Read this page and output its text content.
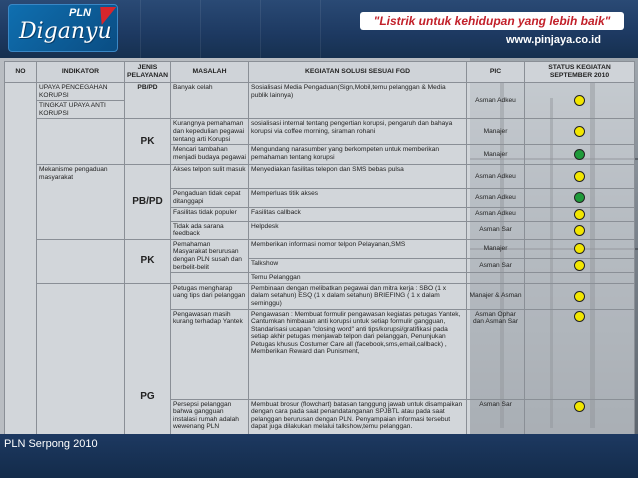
Diganyu
PLN
"Listrik untuk kehidupan yang lebih baik"
www.pinjaya.co.id
NO	INDIKATOR	JENIS PELAYANAN	MASALAH	KEGIATAN SOLUSI SESUAI FGD	PIC	STATUS KEGIATAN SEPTEMBER 2010
	UPAYA PENCEGAHAN KORUPSI	PB/PD	Banyak celah	Sosialisasi Media Pengaduan(Sign,Mobil,temu pelanggan & Media publik lainnya)	Asman Adkeu	
	TINGKAT UPAYA ANTI KORUPSI					
		PK	Kurangnya pemahaman dan kepedulian pegawai tentang arti Korupsi	sosialisasi internal tentang pengertian korupsi, pengaruh dan bahaya korupsi via coffee morning, siraman rohani	Manajer	
			Mencari tambahan menjadi budaya pegawai	Mengundang narasumber yang berkompeten untuk memberikan pemahaman tentang korupsi	Manajer	
	Mekanisme pengaduan masyarakat	PB/PD	Akses telpon sulit masuk	Menyediakan fasilitas telepon dan SMS bebas pulsa	Asman Adkeu	
			Pengaduan tidak cepat ditanggapi	Memperluas titik akses	Asman Adkeu	
			Fasilitas tidak populer	Fasilitas callback	Asman Adkeu	
			Tidak ada sarana feedback	Helpdesk	Asman Sar	
		PK	Pemahaman Masyarakat berurusan dengan PLN susah dan berbelit-belit	Memberikan informasi nomor telpon Pelayanan,SMS	Manajer	
				Talkshow	Asman Sar	
				Temu Pelanggan		
		PG	Petugas mengharap uang tips dari pelanggan	Pembinaan dengan melibatkan pegawai dan mitra kerja : SBO (1 x dalam setahun) ESQ (1 x dalam setahun) BRIEFING ( 1 x dalam seminggu)	Manajer & Asman	
			Pengawasan masih kurang terhadap Yantek	Pengawasan : Membuat formulir pengawasan kegiatas petugas Yantek, Cantumkan himbauan anti korupsi untuk setiap formulir gangguan, Standarisasi ucapan "closing word" anti tips/korupsi/gratifikasi pada setiap akhir petugas menjawab telpon dari pelanggan, Penunjukan Petugas khusus Costumer Care all (facebook,sms,email,callback) , Memberikan Reward dan Punisment,	Asman Ophar dan Asman Sar	
			Persepsi pelanggan bahwa gangguan instalasi rumah adalah wewenang PLN	Membuat brosur (flowchart) batasan tanggung jawab untuk disampaikan dengan cara pada saat penandatanganan SPJBTL atau pada saat pelanggan berurusan dengan PLN. Penyampaian informasi tersebut dapat juga dilakukan melalui talkshow,temu pelanggan.	Asman Sar	

PLN Serpong 2010
